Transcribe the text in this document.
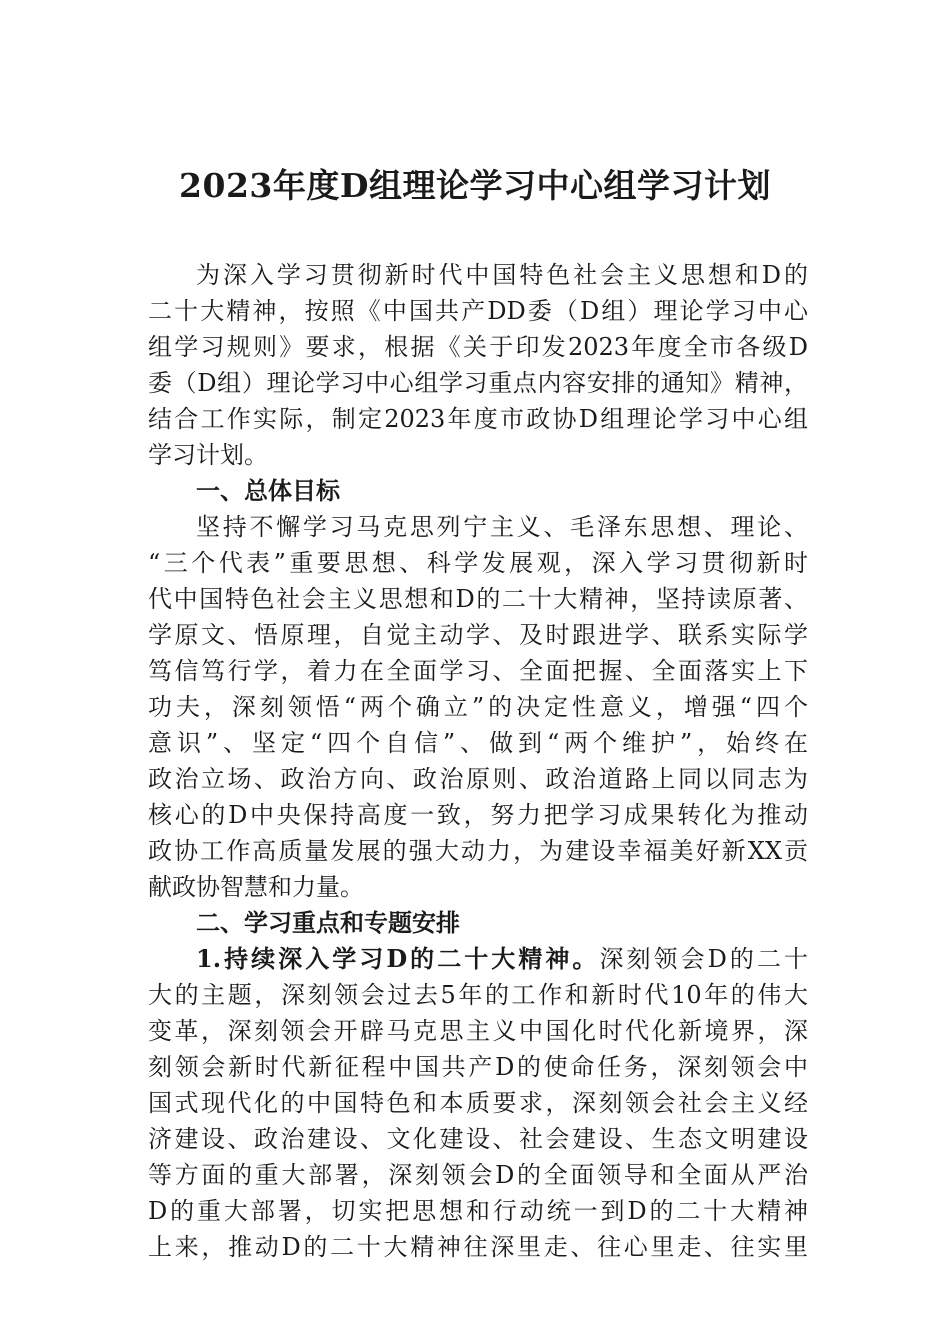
2023年度D组理论学习中心组学习计划
为深入学习贯彻新时代中国特色社会主义思想和D的
二十大精神，按照《中国共产DD委（D组）理论学习中心
组学习规则》要求，根据《关于印发2023年度全市各级D
委（D组）理论学习中心组学习重点内容安排的通知》精神，
结合工作实际，制定2023年度市政协D组理论学习中心组
学习计划。
一、总体目标
坚持不懈学习马克思列宁主义、毛泽东思想、理论、
“三个代表”重要思想、科学发展观，深入学习贯彻新时
代中国特色社会主义思想和D的二十大精神，坚持读原著、
学原文、悟原理，自觉主动学、及时跟进学、联系实际学
笃信笃行学，着力在全面学习、全面把握、全面落实上下
功夫，深刻领悟“两个确立”的决定性意义，增强“四个
意识”、坚定“四个自信”、做到“两个维护”，始终在
政治立场、政治方向、政治原则、政治道路上同以同志为
核心的D中央保持高度一致，努力把学习成果转化为推动
政协工作高质量发展的强大动力，为建设幸福美好新XX贡
献政协智慧和力量。
二、学习重点和专题安排
1.持续深入学习D的二十大精神。深刻领会D的二十
大的主题，深刻领会过去5年的工作和新时代10年的伟大
变革，深刻领会开辟马克思主义中国化时代化新境界，深
刻领会新时代新征程中国共产D的使命任务，深刻领会中
国式现代化的中国特色和本质要求，深刻领会社会主义经
济建设、政治建设、文化建设、社会建设、生态文明建设
等方面的重大部署，深刻领会D的全面领导和全面从严治
D的重大部署，切实把思想和行动统一到D的二十大精神
上来，推动D的二十大精神往深里走、往心里走、往实里
